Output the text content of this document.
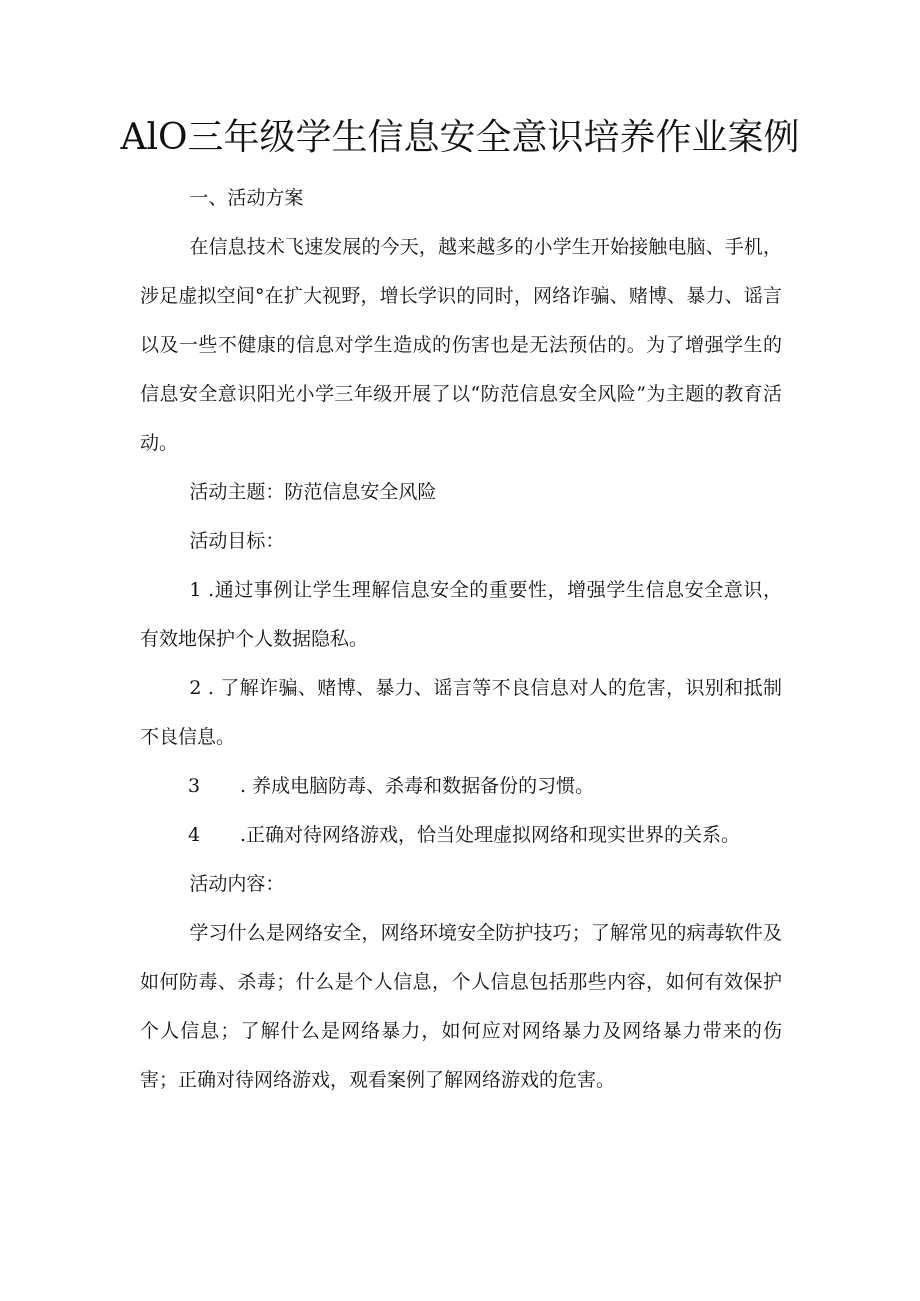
AlO三年级学生信息安全意识培养作业案例

一、活动方案

在信息技术飞速发展的今天，越来越多的小学生开始接触电脑、手机，涉足虚拟空间°在扩大视野，增长学识的同时，网络诈骗、赌博、暴力、谣言以及一些不健康的信息对学生造成的伤害也是无法预估的。为了增强学生的信息安全意识阳光小学三年级开展了以“防范信息安全风险”为主题的教育活动。

活动主题：防范信息安全风险

活动目标：

1 .通过事例让学生理解信息安全的重要性，增强学生信息安全意识，有效地保护个人数据隐私。

2 . 了解诈骗、赌博、暴力、谣言等不良信息对人的危害，识别和抵制不良信息。

3 . 养成电脑防毒、杀毒和数据备份的习惯。

4 .正确对待网络游戏，恰当处理虚拟网络和现实世界的关系。

活动内容：

学习什么是网络安全，网络环境安全防护技巧；了解常见的病毒软件及如何防毒、杀毒；什么是个人信息，个人信息包括那些内容，如何有效保护个人信息；了解什么是网络暴力，如何应对网络暴力及网络暴力带来的伤害；正确对待网络游戏，观看案例了解网络游戏的危害。
